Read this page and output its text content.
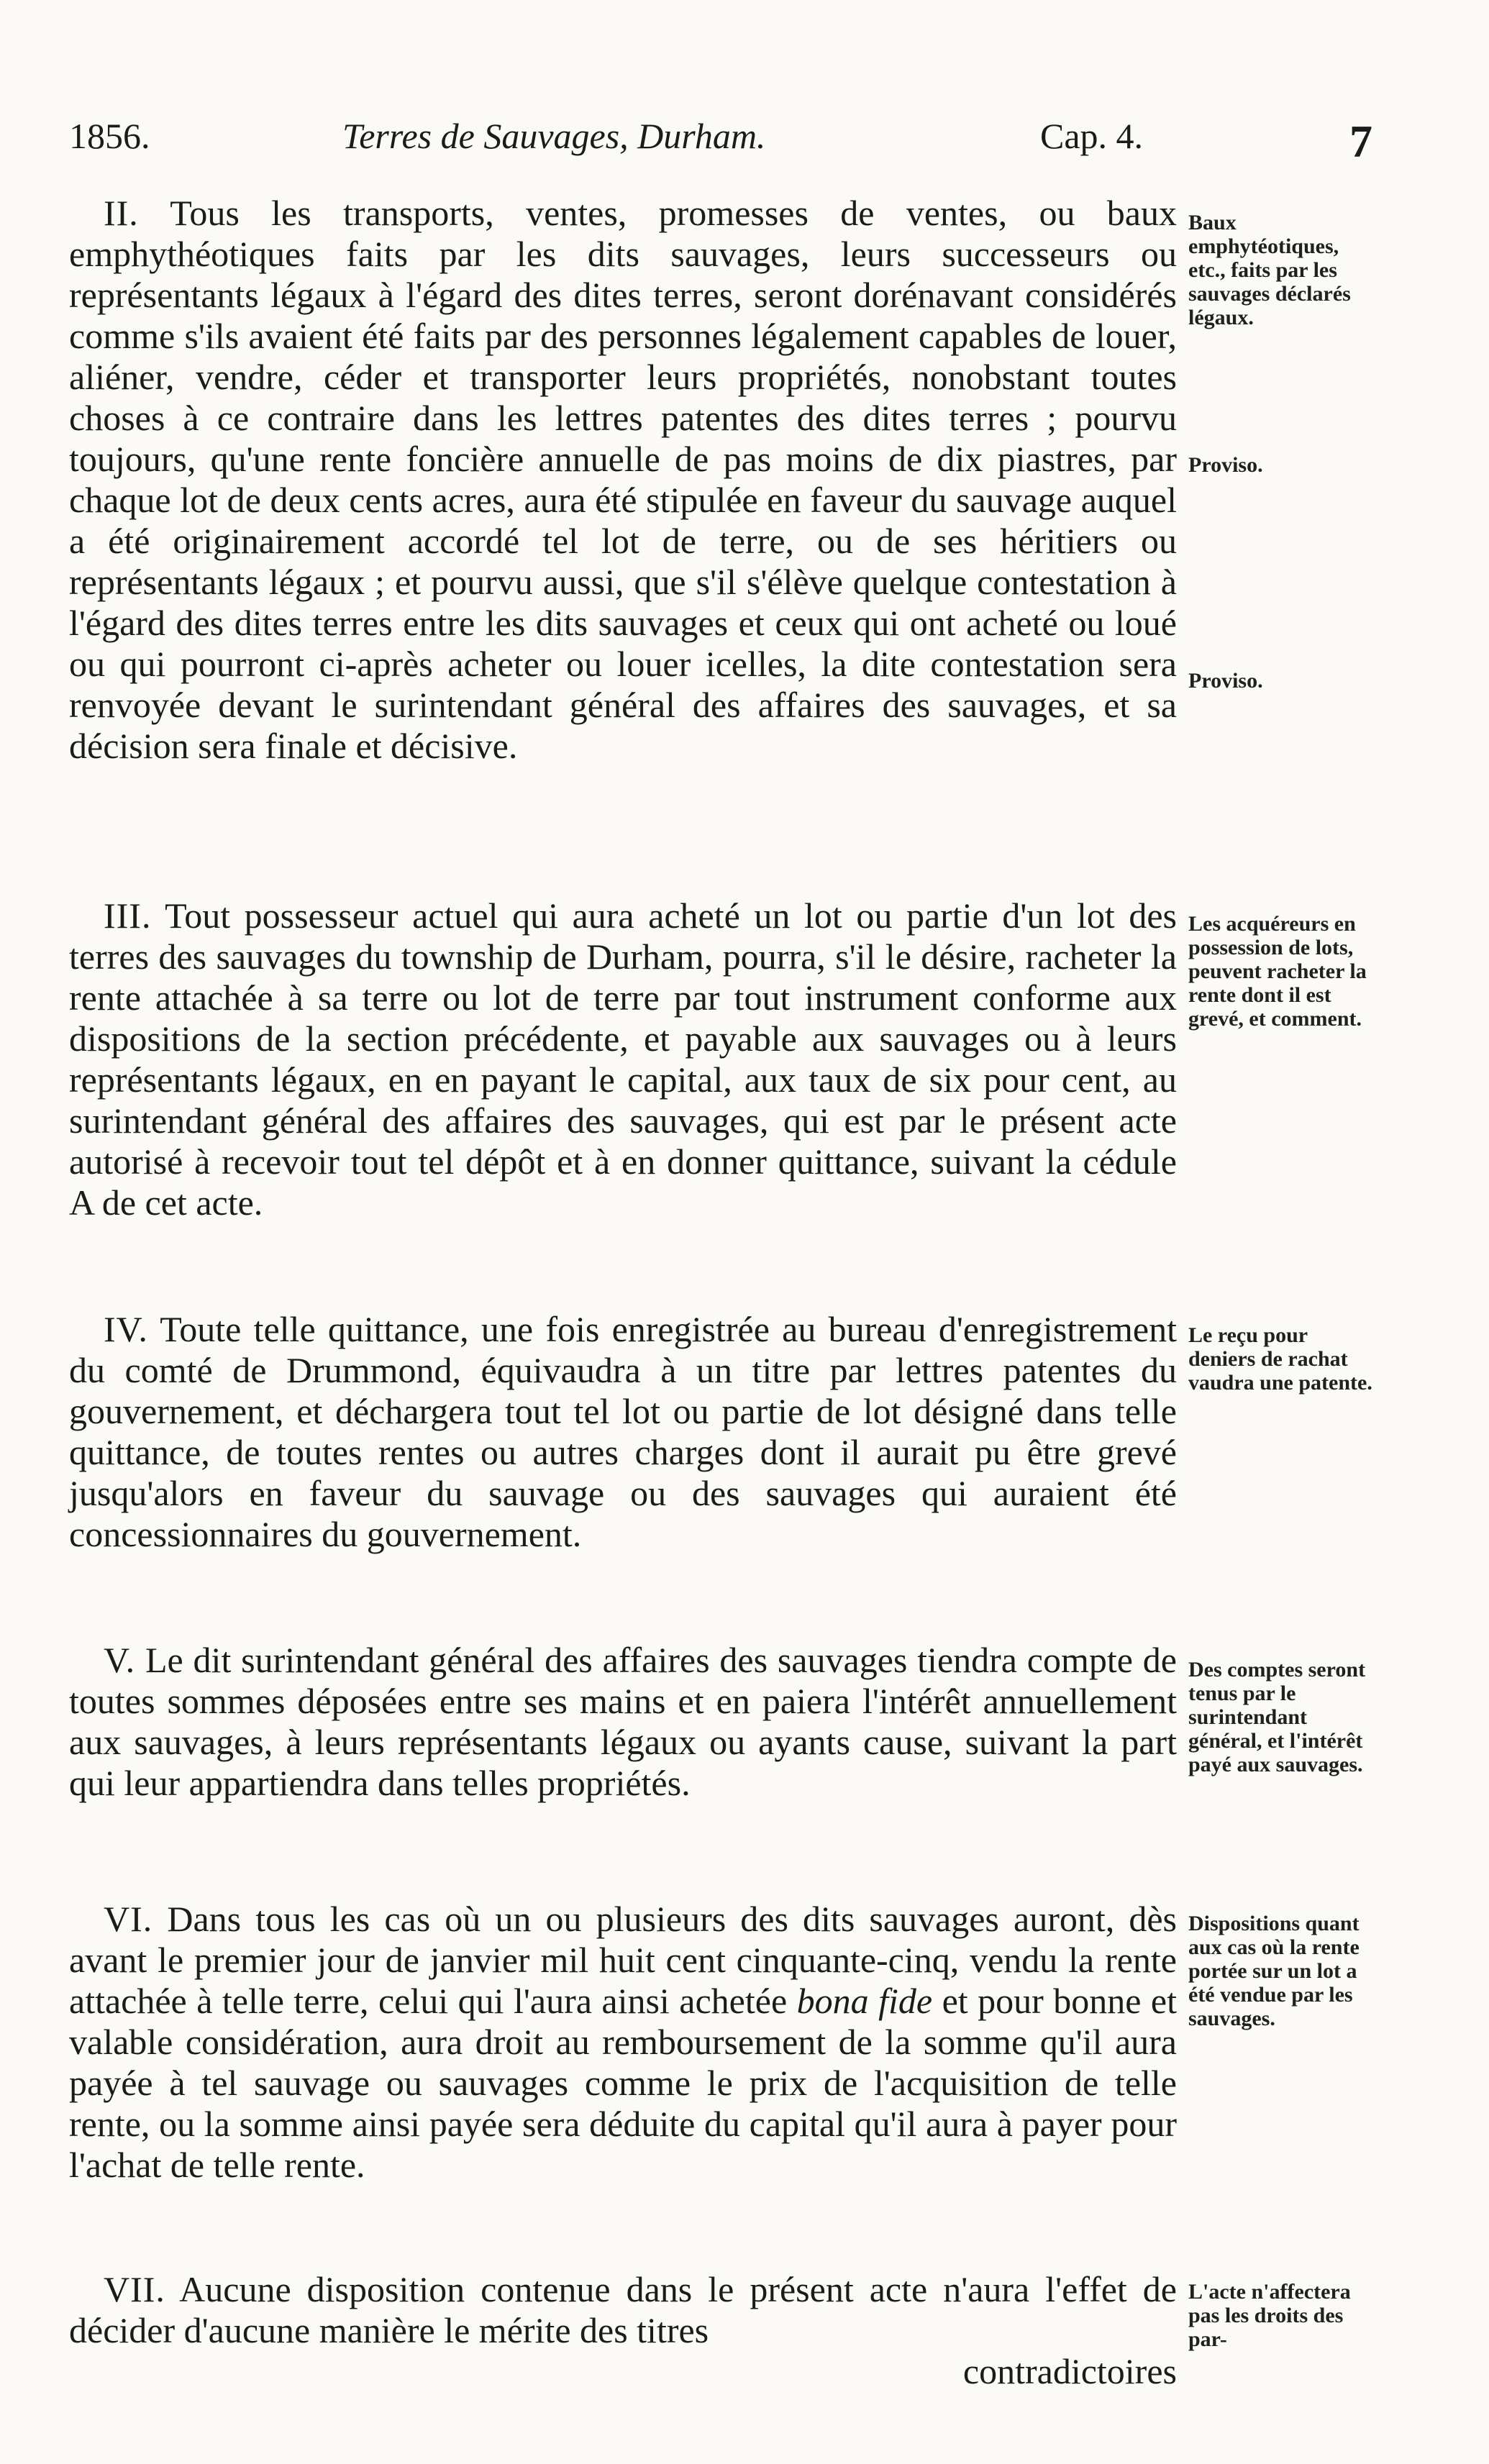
1856.	Terres de Sauvages, Durham.	Cap. 4.	7

II. Tous les transports, ventes, promesses de ventes, ou baux emphythéotiques faits par les dits sauvages, leurs successeurs ou représentants légaux à l'égard des dites terres, seront dorénavant considérés comme s'ils avaient été faits par des personnes légalement capables de louer, aliéner, vendre, céder et transporter leurs propriétés, nonobstant toutes choses à ce contraire dans les lettres patentes des dites terres ; pourvu toujours, qu'une rente foncière annuelle de pas moins de dix piastres, par chaque lot de deux cents acres, aura été stipulée en faveur du sauvage auquel a été originairement accordé tel lot de terre, ou de ses héritiers ou représentants légaux ; et pourvu aussi, que s'il s'élève quelque contestation à l'égard des dites terres entre les dits sauvages et ceux qui ont acheté ou loué ou qui pourront ci-après acheter ou louer icelles, la dite contestation sera renvoyée devant le surintendant général des affaires des sauvages, et sa décision sera finale et décisive.

Baux emphytéotiques, etc., faits par les sauvages déclarés légaux.

Proviso.

Proviso.

III. Tout possesseur actuel qui aura acheté un lot ou partie d'un lot des terres des sauvages du township de Durham, pourra, s'il le désire, racheter la rente attachée à sa terre ou lot de terre par tout instrument conforme aux dispositions de la section précédente, et payable aux sauvages ou à leurs représentants légaux, en en payant le capital, aux taux de six pour cent, au surintendant général des affaires des sauvages, qui est par le présent acte autorisé à recevoir tout tel dépôt et à en donner quittance, suivant la cédule A de cet acte.

Les acquéreurs en possession de lots, peuvent racheter la rente dont il est grevé, et comment.

IV. Toute telle quittance, une fois enregistrée au bureau d'enregistrement du comté de Drummond, équivaudra à un titre par lettres patentes du gouvernement, et déchargera tout tel lot ou partie de lot désigné dans telle quittance, de toutes rentes ou autres charges dont il aurait pu être grevé jusqu'alors en faveur du sauvage ou des sauvages qui auraient été concessionnaires du gouvernement.

Le reçu pour deniers de rachat vaudra une patente.

V. Le dit surintendant général des affaires des sauvages tiendra compte de toutes sommes déposées entre ses mains et en paiera l'intérêt annuellement aux sauvages, à leurs représentants légaux ou ayants cause, suivant la part qui leur appartiendra dans telles propriétés.

Des comptes seront tenus par le surintendant général, et l'intérêt payé aux sauvages.

VI. Dans tous les cas où un ou plusieurs des dits sauvages auront, dès avant le premier jour de janvier mil huit cent cinquante-cinq, vendu la rente attachée à telle terre, celui qui l'aura ainsi achetée bona fide et pour bonne et valable considération, aura droit au remboursement de la somme qu'il aura payée à tel sauvage ou sauvages comme le prix de l'acquisition de telle rente, ou la somme ainsi payée sera déduite du capital qu'il aura à payer pour l'achat de telle rente.

Dispositions quant aux cas où la rente portée sur un lot a été vendue par les sauvages.

VII. Aucune disposition contenue dans le présent acte n'aura l'effet de décider d'aucune manière le mérite des titres

contradictoires

L'acte n'affectera pas les droits des par-
